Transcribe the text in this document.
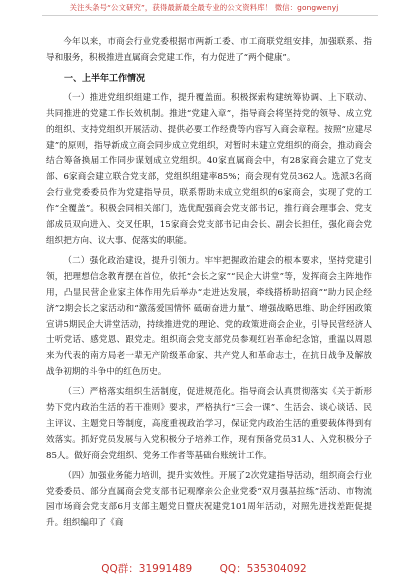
关注头条号“公文研究”，获得最新最全最专业的公文资料库！ 微信：gongwenyj

今年以来，市商会行业党委根据市两新工委、市工商联党组安排，加强联系、指导和服务，积极推进直属商会党建工作，有力促进了“两个健康”。

一、上半年工作情况

（一）推进党组织组建工作，提升覆盖面。积极探索构建统筹协调、上下联动、共同推进的党建工作长效机制。推进“党建入章”，指导商会将坚持党的领导、成立党的组织、支持党组织开展活动、提供必要工作经费等内容写入商会章程。按照“应建尽建”的原则，指导新成立商会同步成立党组织，对暂时未建立党组织的商会，推动商会结合筹备换届工作同步谋划成立党组织。40家直属商会中，有28家商会建立了党支部、6家商会建立联合党支部，党组织组建率85%；商会现有党员362人。选派3名商会行业党委委员作为党建指导员，联系帮助未成立党组织的6家商会，实现了党的工作“全覆盖”。积极会同相关部门，选优配强商会党支部书记，推行商会理事会、党支部成员双向进入、交叉任职，15家商会党支部书记由会长、副会长担任，强化商会党组织把方向、议大事、促落实的职能。

（二）强化政治建设，提升引领力。牢牢把握政治建会的根本要求，坚持党建引领，把理想信念教育摆在首位，依托“会长之家”“民企大讲堂”等，发挥商会主阵地作用，凸显民营企业家主体作用先后举办“走进达发展，牵线搭桥助招商”“助力民企经济”2期会长之家活动和“激荡爱国情怀 砥砺奋进力量”、增强战略思维、助企纾困政策宣讲5期民企大讲堂活动，持续推进党的理论、党的政策进商会企业，引导民营经济人士听党话、感党恩、跟党走。组织商会党支部党员参观红岩革命纪念馆，重温以周恩来为代表的南方局老一辈无产阶级革命家、共产党人和革命志士，在抗日战争及解放战争初期的斗争中的红色历史。

（三）严格落实组织生活制度，促进规范化。指导商会认真贯彻落实《关于新形势下党内政治生活的若干准则》要求，严格执行“三会一课”、生活会、谈心谈话、民主评议、主题党日等制度，高度重视政治学习，保证党内政治生活的重要载体得到有效落实。抓好党员发展与入党积极分子培养工作，现有预备党员31人、入党积极分子85人。做好商会党组织、党务工作者等基础台账统计工作。

（四）加强业务能力培训，提升实效性。开展了2次党建指导活动，组织商会行业党委委员、部分直属商会党支部书记观摩亲公企业党委“双月强基拉练”活动、市物流园市场商会党支部6月支部主题党日暨庆祝建党101周年活动，对照先进找差距促提升。组织编印了《商

QQ群：31991489	QQ：535304092
